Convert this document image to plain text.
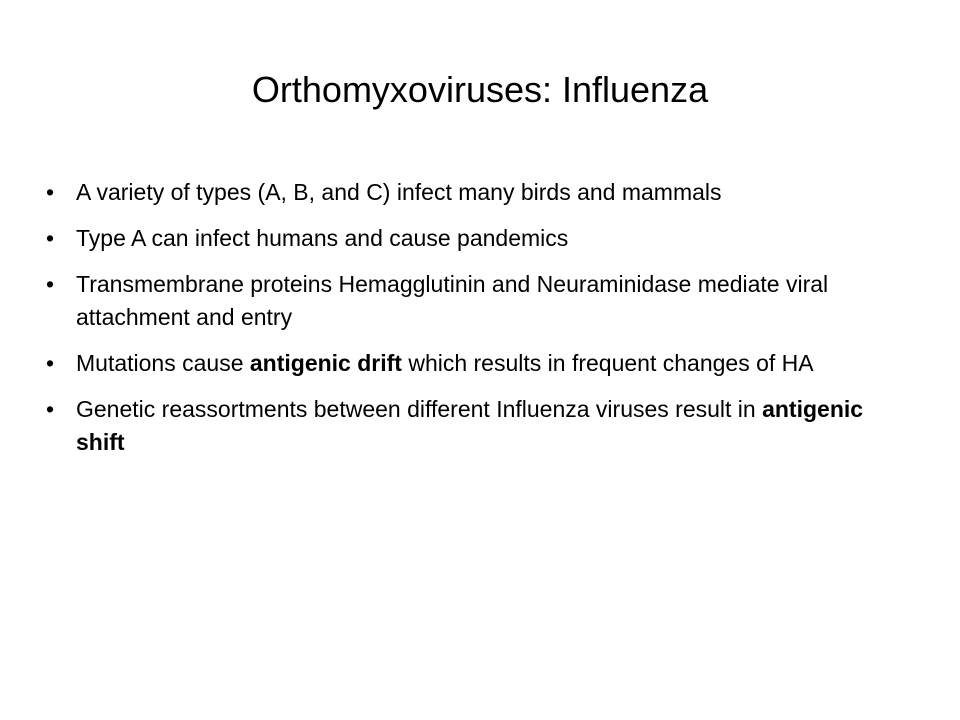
Orthomyxoviruses: Influenza
• A variety of types (A, B, and C) infect many birds and mammals
• Type A can infect humans and cause pandemics
• Transmembrane proteins Hemagglutinin and Neuraminidase mediate viral attachment and entry
• Mutations cause antigenic drift which results in frequent changes of HA
• Genetic reassortments between different Influenza viruses result in antigenic shift
